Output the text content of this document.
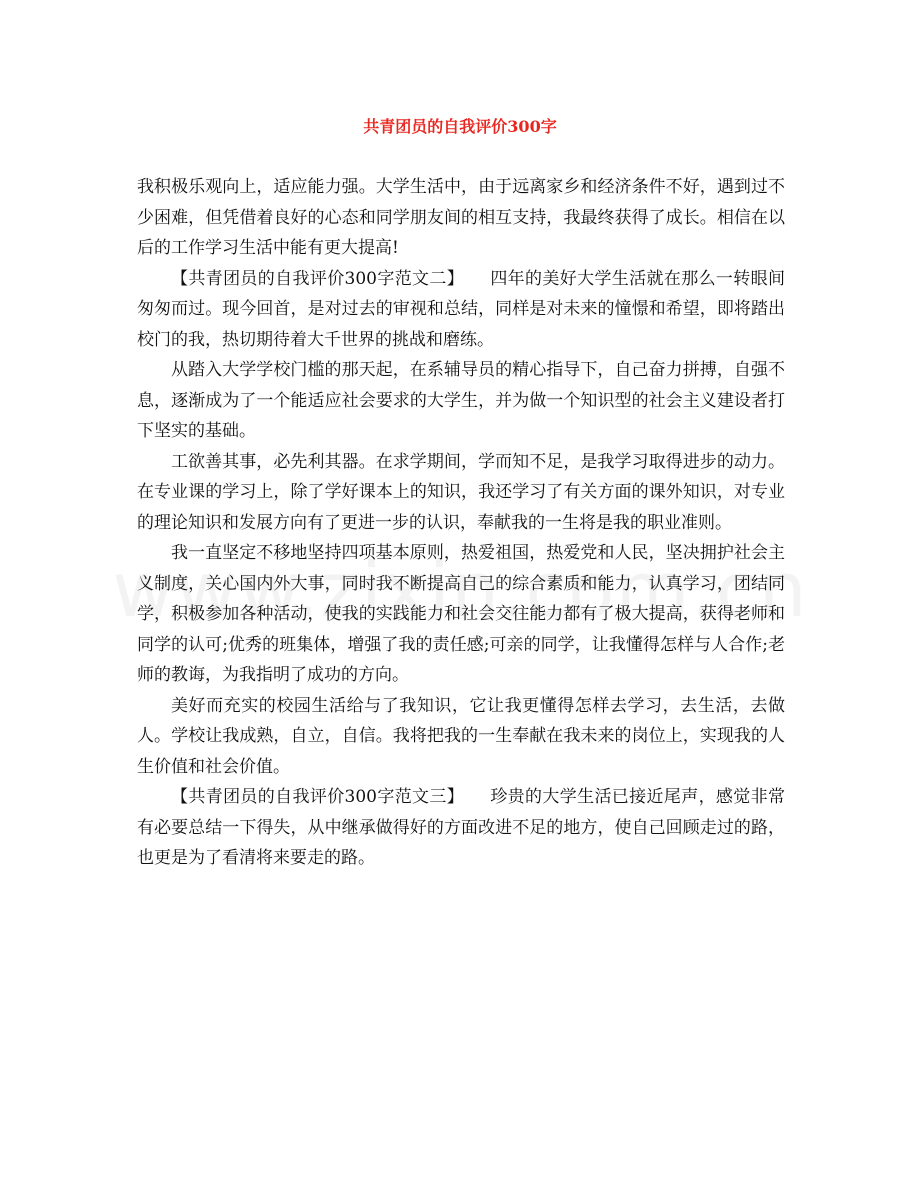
共青团员的自我评价300字

我积极乐观向上，适应能力强。大学生活中，由于远离家乡和经济条件不好，遇到过不少困难，但凭借着良好的心态和同学朋友间的相互支持，我最终获得了成长。相信在以后的工作学习生活中能有更大提高!

【共青团员的自我评价300字范文二】　　四年的美好大学生活就在那么一转眼间匆匆而过。现今回首，是对过去的审视和总结，同样是对未来的憧憬和希望，即将踏出校门的我，热切期待着大千世界的挑战和磨练。

从踏入大学学校门槛的那天起，在系辅导员的精心指导下，自己奋力拼搏，自强不息，逐渐成为了一个能适应社会要求的大学生，并为做一个知识型的社会主义建设者打下坚实的基础。

工欲善其事，必先利其器。在求学期间，学而知不足，是我学习取得进步的动力。在专业课的学习上，除了学好课本上的知识，我还学习了有关方面的课外知识，对专业的理论知识和发展方向有了更进一步的认识，奉献我的一生将是我的职业准则。

我一直坚定不移地坚持四项基本原则，热爱祖国，热爱党和人民，坚决拥护社会主义制度，关心国内外大事，同时我不断提高自己的综合素质和能力，认真学习，团结同学，积极参加各种活动，使我的实践能力和社会交往能力都有了极大提高，获得老师和同学的认可;优秀的班集体，增强了我的责任感;可亲的同学，让我懂得怎样与人合作;老师的教诲，为我指明了成功的方向。

美好而充实的校园生活给与了我知识，它让我更懂得怎样去学习，去生活，去做人。学校让我成熟，自立，自信。我将把我的一生奉献在我未来的岗位上，实现我的人生价值和社会价值。

【共青团员的自我评价300字范文三】　　珍贵的大学生活已接近尾声，感觉非常有必要总结一下得失，从中继承做得好的方面改进不足的地方，使自己回顾走过的路，也更是为了看清将来要走的路。
